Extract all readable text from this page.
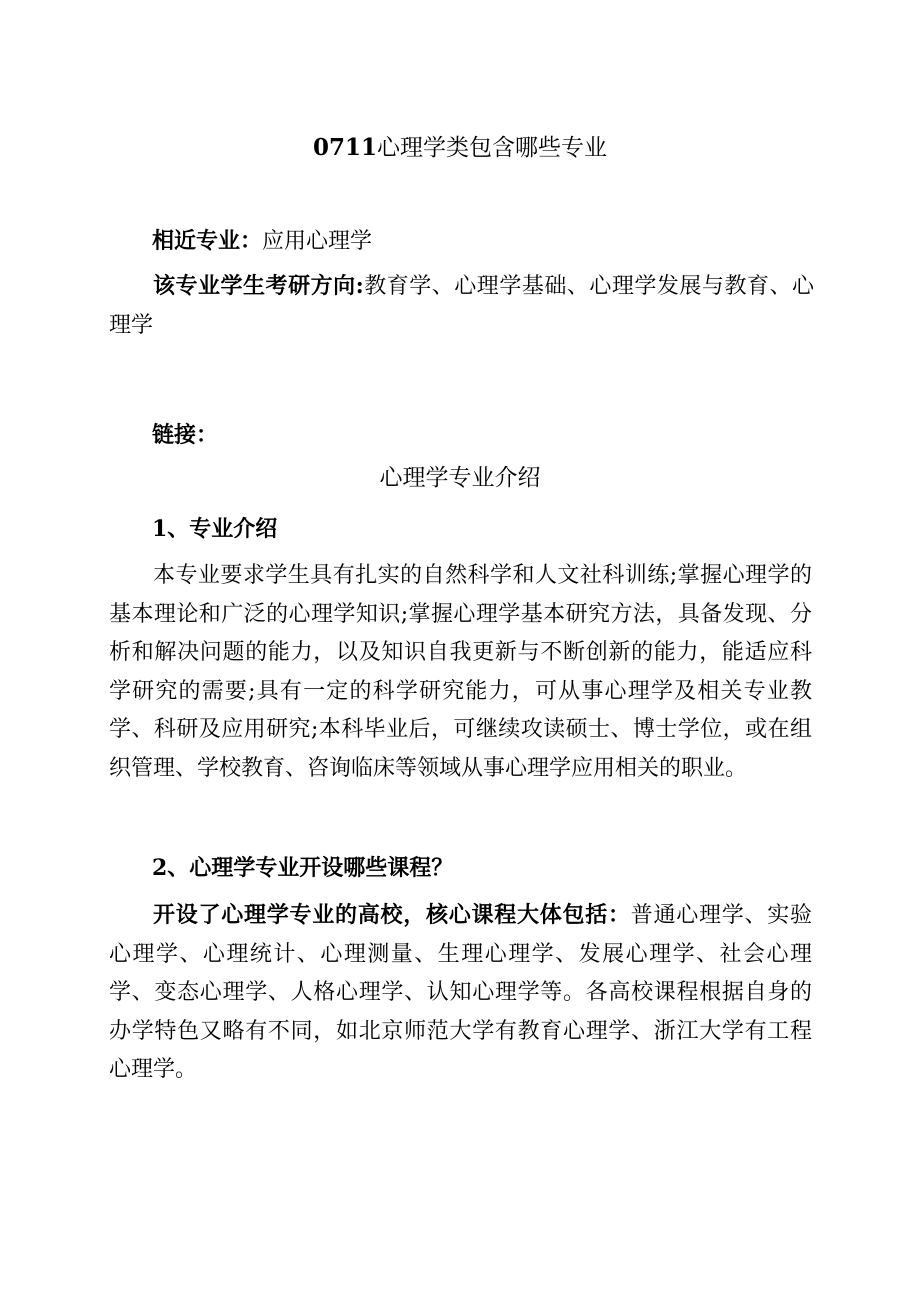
0711心理学类包含哪些专业
相近专业：应用心理学
该专业学生考研方向:教育学、心理学基础、心理学发展与教育、心理学
链接：
心理学专业介绍
1、专业介绍
本专业要求学生具有扎实的自然科学和人文社科训练;掌握心理学的基本理论和广泛的心理学知识;掌握心理学基本研究方法，具备发现、分析和解决问题的能力，以及知识自我更新与不断创新的能力，能适应科学研究的需要;具有一定的科学研究能力，可从事心理学及相关专业教学、科研及应用研究;本科毕业后，可继续攻读硕士、博士学位，或在组织管理、学校教育、咨询临床等领域从事心理学应用相关的职业。
2、心理学专业开设哪些课程？
开设了心理学专业的高校，核心课程大体包括：普通心理学、实验心理学、心理统计、心理测量、生理心理学、发展心理学、社会心理学、变态心理学、人格心理学、认知心理学等。各高校课程根据自身的办学特色又略有不同，如北京师范大学有教育心理学、浙江大学有工程心理学。
